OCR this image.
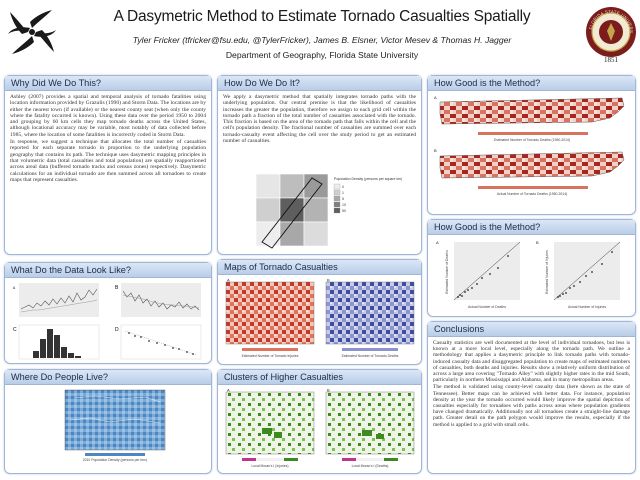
A Dasymetric Method to Estimate Tornado Casualties Spatially
Tyler Fricker (tfricker@fsu.edu, @TylerFricker), James B. Elsner, Victor Mesev & Thomas H. Jagger
Department of Geography, Florida State University
FLORIDA STATE UNIVERS
1851
Why Did We Do This?

Ashley (2007) provides a spatial and temporal analysis of tornado fatalities using location information provided by Grazulis (1990) and Storm Data. The locations are by either the nearest town (if available) or the nearest county seat (when only the county where the fatality occurred is known). Using these data over the period 1950 to 2004 and grouping by 60 km cells they map tornado deaths across the United States, although locational accuracy may be variable, most notably of data collected before 1985, where the location of some fatalities is incorrectly coded in Storm Data.

In response, we suggest a technique that allocates the total number of casualties reported for each separate tornado in proportion to the underlying population geography that contains its path. The technique uses dasymetric mapping principles in that volumetric data (total casualties and total population) are spatially reapportioned across areal data (buffered tornado tracks and census zones) respectively. Dasymetric calculations for an individual tornado are then summed across all tornadoes to create maps that represent casualties.

What Do the Data Look Like?
A	B
C	D
Where Do People Live?
2010 Population Density (persons per km²)
How Do We Do It?

We apply a dasymetric method that spatially integrates tornado paths with the underlying population. Our central premise is that the likelihood of casualties increases the greater the population, therefore we assign to each grid cell within the tornado path a fraction of the total number of casualties associated with the tornado. This fraction is based on the area of the tornado path that falls within the cell and the cell's population density. The fractional number of casualties are summed over each tornado-casualty event affecting the cell over the study period to get an estimated number of casualties.

Population Density (persons per square km)
0
1
5
10
50
Maps of Tornado Casualties
Estimated Number of Tornado Injuries	Estimated Number of Tornado Deaths
A	B
Clusters of Higher Casualties
Local Moran's I (Injuries)	Local Moran's I (Deaths)
A	B
How Good is the Method?
Estimated Number of Tornado Deaths (1950-2014)
Actual Number of Tornado Deaths (1950-2014)
A
B
How Good is the Method?
Actual Number of Deaths	Actual Number of Injuries
Estimated Number of Deaths	Estimated Number of Injuries
A	B
Conclusions

Casualty statistics are well documented at the level of individual tornadoes, but less is known at a more local level, especially along the tornado path. We outline a methodology that applies a dasymetric principle to link tornado paths with tornado-induced casualty data and disaggregated population to create maps of estimated numbers of casualties, both deaths and injuries. Results show a relatively uniform distribution of across a large area covering "Tornado Alley" with slightly higher rates in the mid South, particularly in northern Mississippi and Alabama, and in many metropolitan areas.

The method is validated using county-level casualty data (here shown as the state of Tennessee). Better maps can be achieved with better data. For instance, population density at the year the tornado occurred would likely improve the spatial depiction of casualties especially for tornadoes with paths across areas where population gradients have changed dramatically. Additionally not all tornadoes create a straight-line damage path. Greater detail on the path polygon would improve the results, especially if the method is applied to a grid with small cells.
